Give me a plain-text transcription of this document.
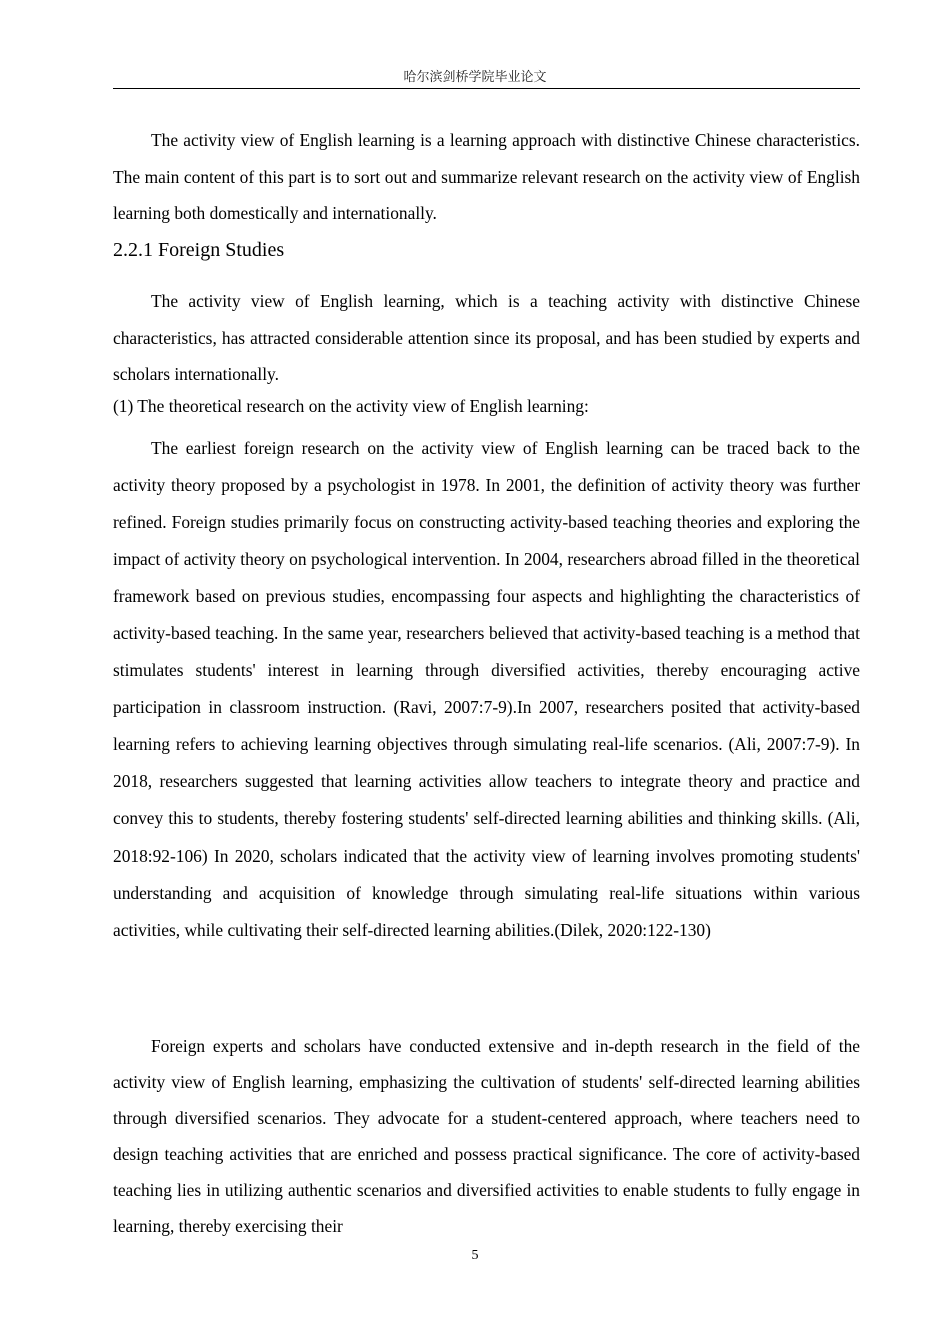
哈尔滨剑桥学院毕业论文

The activity view of English learning is a learning approach with distinctive Chinese characteristics. The main content of this part is to sort out and summarize relevant research on the activity view of English learning both domestically and internationally.

2.2.1 Foreign Studies

The activity view of English learning, which is a teaching activity with distinctive Chinese characteristics, has attracted considerable attention since its proposal, and has been studied by experts and scholars internationally.

(1) The theoretical research on the activity view of English learning:

The earliest foreign research on the activity view of English learning can be traced back to the activity theory proposed by a psychologist in 1978. In 2001, the definition of activity theory was further refined. Foreign studies primarily focus on constructing activity-based teaching theories and exploring the impact of activity theory on psychological intervention. In 2004, researchers abroad filled in the theoretical framework based on previous studies, encompassing four aspects and highlighting the characteristics of activity-based teaching. In the same year, researchers believed that activity-based teaching is a method that stimulates students' interest in learning through diversified activities, thereby encouraging active participation in classroom instruction. (Ravi, 2007:7-9).In 2007, researchers posited that activity-based learning refers to achieving learning objectives through simulating real-life scenarios. (Ali, 2007:7-9). In 2018, researchers suggested that learning activities allow teachers to integrate theory and practice and convey this to students, thereby fostering students' self-directed learning abilities and thinking skills. (Ali, 2018:92-106) In 2020, scholars indicated that the activity view of learning involves promoting students' understanding and acquisition of knowledge through simulating real-life situations within various activities, while cultivating their self-directed learning abilities.(Dilek, 2020:122-130)

Foreign experts and scholars have conducted extensive and in-depth research in the field of the activity view of English learning, emphasizing the cultivation of students' self-directed learning abilities through diversified scenarios. They advocate for a student-centered approach, where teachers need to design teaching activities that are enriched and possess practical significance. The core of activity-based teaching lies in utilizing authentic scenarios and diversified activities to enable students to fully engage in learning, thereby exercising their

5
